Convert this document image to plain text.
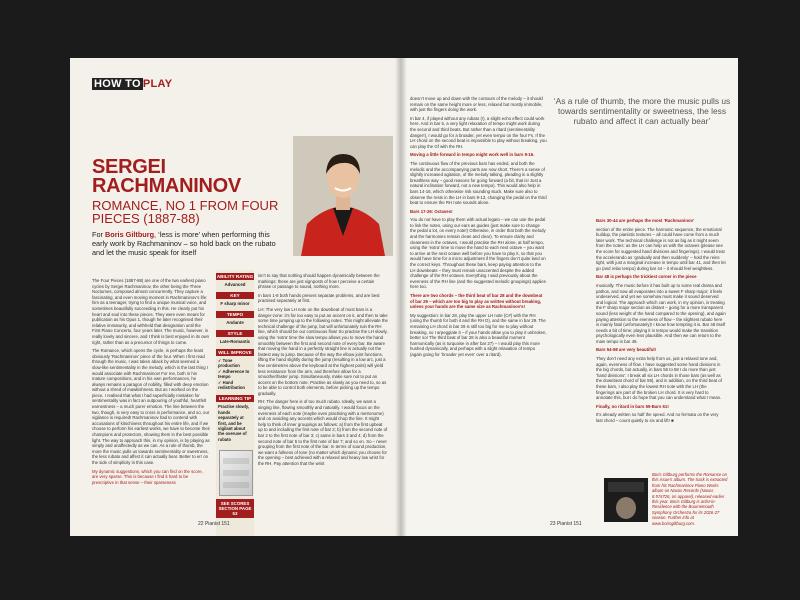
HOW TO PLAY
SERGEI
RACHMANINOV
ROMANCE, NO 1 FROM FOUR PIECES (1887-88)
For Boris Giltburg, ‘less is more’ when performing this early work by Rachmaninov – so hold back on the rubato and let the music speak for itself

The Four Pieces (1887-88) are one of the two earliest piano cycles by Sergei Rachmaninov, the other being the Three Nocturnes, composed almost concurrently. They capture a fascinating, and even moving moment in Rachmaninov’s life: him as a teenager, trying to find a unique musical voice, and sometimes beautifully succeeding in this. He clearly put his heart and soul into these pieces. They were even meant for publication as his Opus 1, though he later recognised their relative immaturity, and withheld that designation until the First Piano Concerto, four years later. The music, however, is really lovely and sincere, and I think is best enjoyed in its own right, rather than as a precursor of things to come.

The Romance, which opens the cycle, is perhaps the least obviously ‘Rachmaninov’ piece of the four. When I first read through the music, I was taken aback by what seemed a slow-like sentimentality in the melody, which is the last thing I would associate with Rachmaninov! For me, both in his mature compositions, and in his own performances, he always remains a paragon of nobility, filled with deep emotion without a shred of mawkishness. But as I worked on the piece, I realised that what I had superficially mistaken for sentimentality was in fact an outpouring of youthful, heartfelt earnestness – a much purer emotion. The line between the two, though, is very easy to cross in performance, and so, our vigilance is required! Rachmaninov had to contend with accusations of kitschiness throughout his entire life, and if we choose to perform his earliest works, we have to become their champions and protectors, showing them in the best possible light. The way to approach this, in my opinion, is by playing as simply and unaffectedly as we can. As a rule of thumb, the more the music pulls us towards sentimentality or sweetness, the less rubato and affect it can actually bear. Better to err on the side of simplicity in this case.

My dynamic suggestions, which you can find on the score, are very sparse. This is because I find it hard to be prescriptive in that sense – their sparseness

ABILITY RATING
Advanced
KEY
F sharp minor
TEMPO
Andante
STYLE
Late-Romantic
WILL IMPROVE
✓ Tone production
✓ Adherence to tempo
✓ Hand redistribution
LEARNING TIP
Practise slowly, hands separately at first, and be vigilant about the overuse of rubato
SEE SCORES SECTION PAGE 53

isn’t to say that nothing should happen dynamically between the markings; these are just signposts of how I perceive a certain phrase or passage to sound, nothing more.

In bars 1-8 both hands present separate problems, and are best practised separately at first.

LH: The very low LH note on the downbeat of most bars is a danger-zone: it’s far too easy to put an accent on it, and then to take some time jumping up to the following notes. This might alleviate the technical challenge of the jump, but will unfortunately ruin the RH line, which should be our continuous flow! So practise the LH slowly, using the ‘extra’ time the slow tempo allows you to move the hand smoothly between the first and second note of every bar. Be aware that moving the hand in a perfectly straight line is actually not the fastest way to jump. Because of the way the elbow joint functions, lifting the hand slightly during the jump (resulting in a low arc, just a few centimetres above the keyboard at the highest point) will yield less resistance from the arm, and therefore allow for a smoother/faster jump. Simultaneously, make sure not to put an accent on the bottom note. Practise as slowly as you need to, so as to be able to control both elements, before picking up the tempo gradually.

RH: The danger here is of too much rubato. Ideally, we want a singing line, flowing smoothly and naturally. I would focus on the evenness of each note (maybe even practising with a metronome) and on avoiding any accents which would chop the line. It might help to think of inner groupings as follows: a) from the first upbeat up to and including the first note of bar 2; b) from the second note of bar 2 to the first note of bar 3; c) same in bars 3 and 4; d) from the second note of bar 5 to the first note of bar 7; and so on. So – never grouping from the first note of the bar. In terms of sound production, we want a fullness of tone (no matter which dynamic you choose for the opening – best achieved with a relaxed and heavy low wrist for the RH. Pay attention that the wrist

22 Pianist 151

doesn’t move up and down with the contours of the melody – it should remain on the same height more or less, relaxed but mostly immobile, with just the fingers doing the work.

In bar 4, if played without any rubato (!), a slight echo effect could work here. And in bar 6, a very light relaxation of tempo might work during the second and third beats. But rather than a ritard (sentimentality danger!), I would go for a broader, yet even tempo on the four Fs. If the LH chord on the second beat is impossible to play without breaking, you can play the Gf with the RH.

Moving a little forward in tempo might work well in bars 9-16.

The continuous flow of the previous bars has ended, and both the melodic and the accompanying parts are now short. There’s a sense of slightly increased agitation, of the melody talking, pleading in a slightly breathless way – good reasons for going forward (a bit, that is! Just a natural inclination forward, not a new tempo). This would also help in bars 14-16, which otherwise risk sounding stuck. Make sure also to observe the rests in the LH in bars 9-13, changing the pedal on the third beat to ensure the RH note sounds alone.

Bars 17-26: Octaves!

You do not have to play them with actual legato – we can use the pedal to link the notes, using our ears as guides (just make sure to change the pedal a lot, on every note!) Otherwise, in order that both the melody and the harmonies remain clean and clear). To ensure clarity and cleanness in the octaves, I would practise the RH alone, at half tempo, using the ‘extra’ time to move the hand to each next octave – you want to arrive at the next octave well before you have to play it, so that you would have time for a micro adjustment if the fingers don’t quite land on the correct keys. Throughout these bars, keep paying attention to the LH downbeats – they must remain unaccented despite the added challenge of the RH octaves. Everything I said previously about the evenness of the RH line (and the suggested melodic groupings) applies here too.

There are two chords – the third beat of bar 28 and the downbeat of bar 29 – which are too big to play as written without breaking, unless your hands are the same size as Rachmaninov’s!

My suggestion: in bar 28, play the upper LH note (C#) with the RH (using the thumb for both it and the RH D), and the same in bar 29. The remaining LH chord in bar 29 is still too big for me to play without breaking, so I arpeggiate it – if your hands allow you to play it unbroken, better so! The third beat of bar 28 is also a beautiful moment harmonically (as is turquoise in after bar 27) – I would play this more hushed dynamically, and perhaps with a slight relaxation of tempo (again going for ‘broader yet even’ over a ritard).

‘As a rule of thumb, the more the music pulls us towards sentimentality or sweetness, the less rubato and affect it can actually bear’

Bars 30-44 are perhaps the most ‘Rachmaninov’

section of the entire piece. The harmonic sequence, the emotional buildup, the pianistic textures – all could have come from a much later work. The technical challenge is not as big as it might seem from the notes: as the LH can help us with the octaves (please see the score for suggested hand divisions and fingerings). I would treat the accelerando as ‘gradually and then suddenly’ – hold the reins tight, with just a marginal increase in tempo until bar 41, and then let go (and relax tempo) during bar 44 – it should feel weightless.

Bar 48 is perhaps the trickiest corner in the piece

musically. The music before it has built up to some real drama and pathos, and now all evaporates into a sweet F sharp major; it feels undeserved, and yet we somehow must make it sound deserved and logical. The approach which can work, in my opinion, is treating the F sharp major section as distant – going for a more transparent sound (less weight of the hand compared to the opening), and again paying attention to the evenness of flow – the slightest rubato here is mainly fatal (unfortunately)! I know how tempting it is. Bar 48 itself needs a bit of time; playing it in tempo would make the transition psychologically even less plausible. And then we can return to the main tempo in bar 49.

Bars 54-58 are very beautiful!

They don’t need any extra help from us, just a relaxed tone and, again, evenness of flow. I have suggested some hand divisions in the big chords, but actually, in bars 56 to 58 I do more than just ‘hand divisions’: I break all six LH chords in those bars (as well as the downbeat chord of bar 59), and in addition, on the third beat of these bars, I also play the lowest RH note with the LH (the fingerings are part of the broken LH chord. It is very hard to annotate this, but I do hope that you can understand what I mean.

Finally, no ritard in bars 59-Bars 61!

It’s already written so half the speed. And no fermata on the very last chord – count quietly to six and lift! ■

Boris Giltburg performs the Romance on this issue’s album. The track is extracted from his Rachmaninov Piano Works album on Naxos Records (Naxos 8.574726, on apparel), released earlier this year. Boris Giltburg is artist-in-Residence with the Bournemouth Symphony Orchestra for its 2026-27 season. Further info at www.borisgiltburg.com.
23 Pianist 151
